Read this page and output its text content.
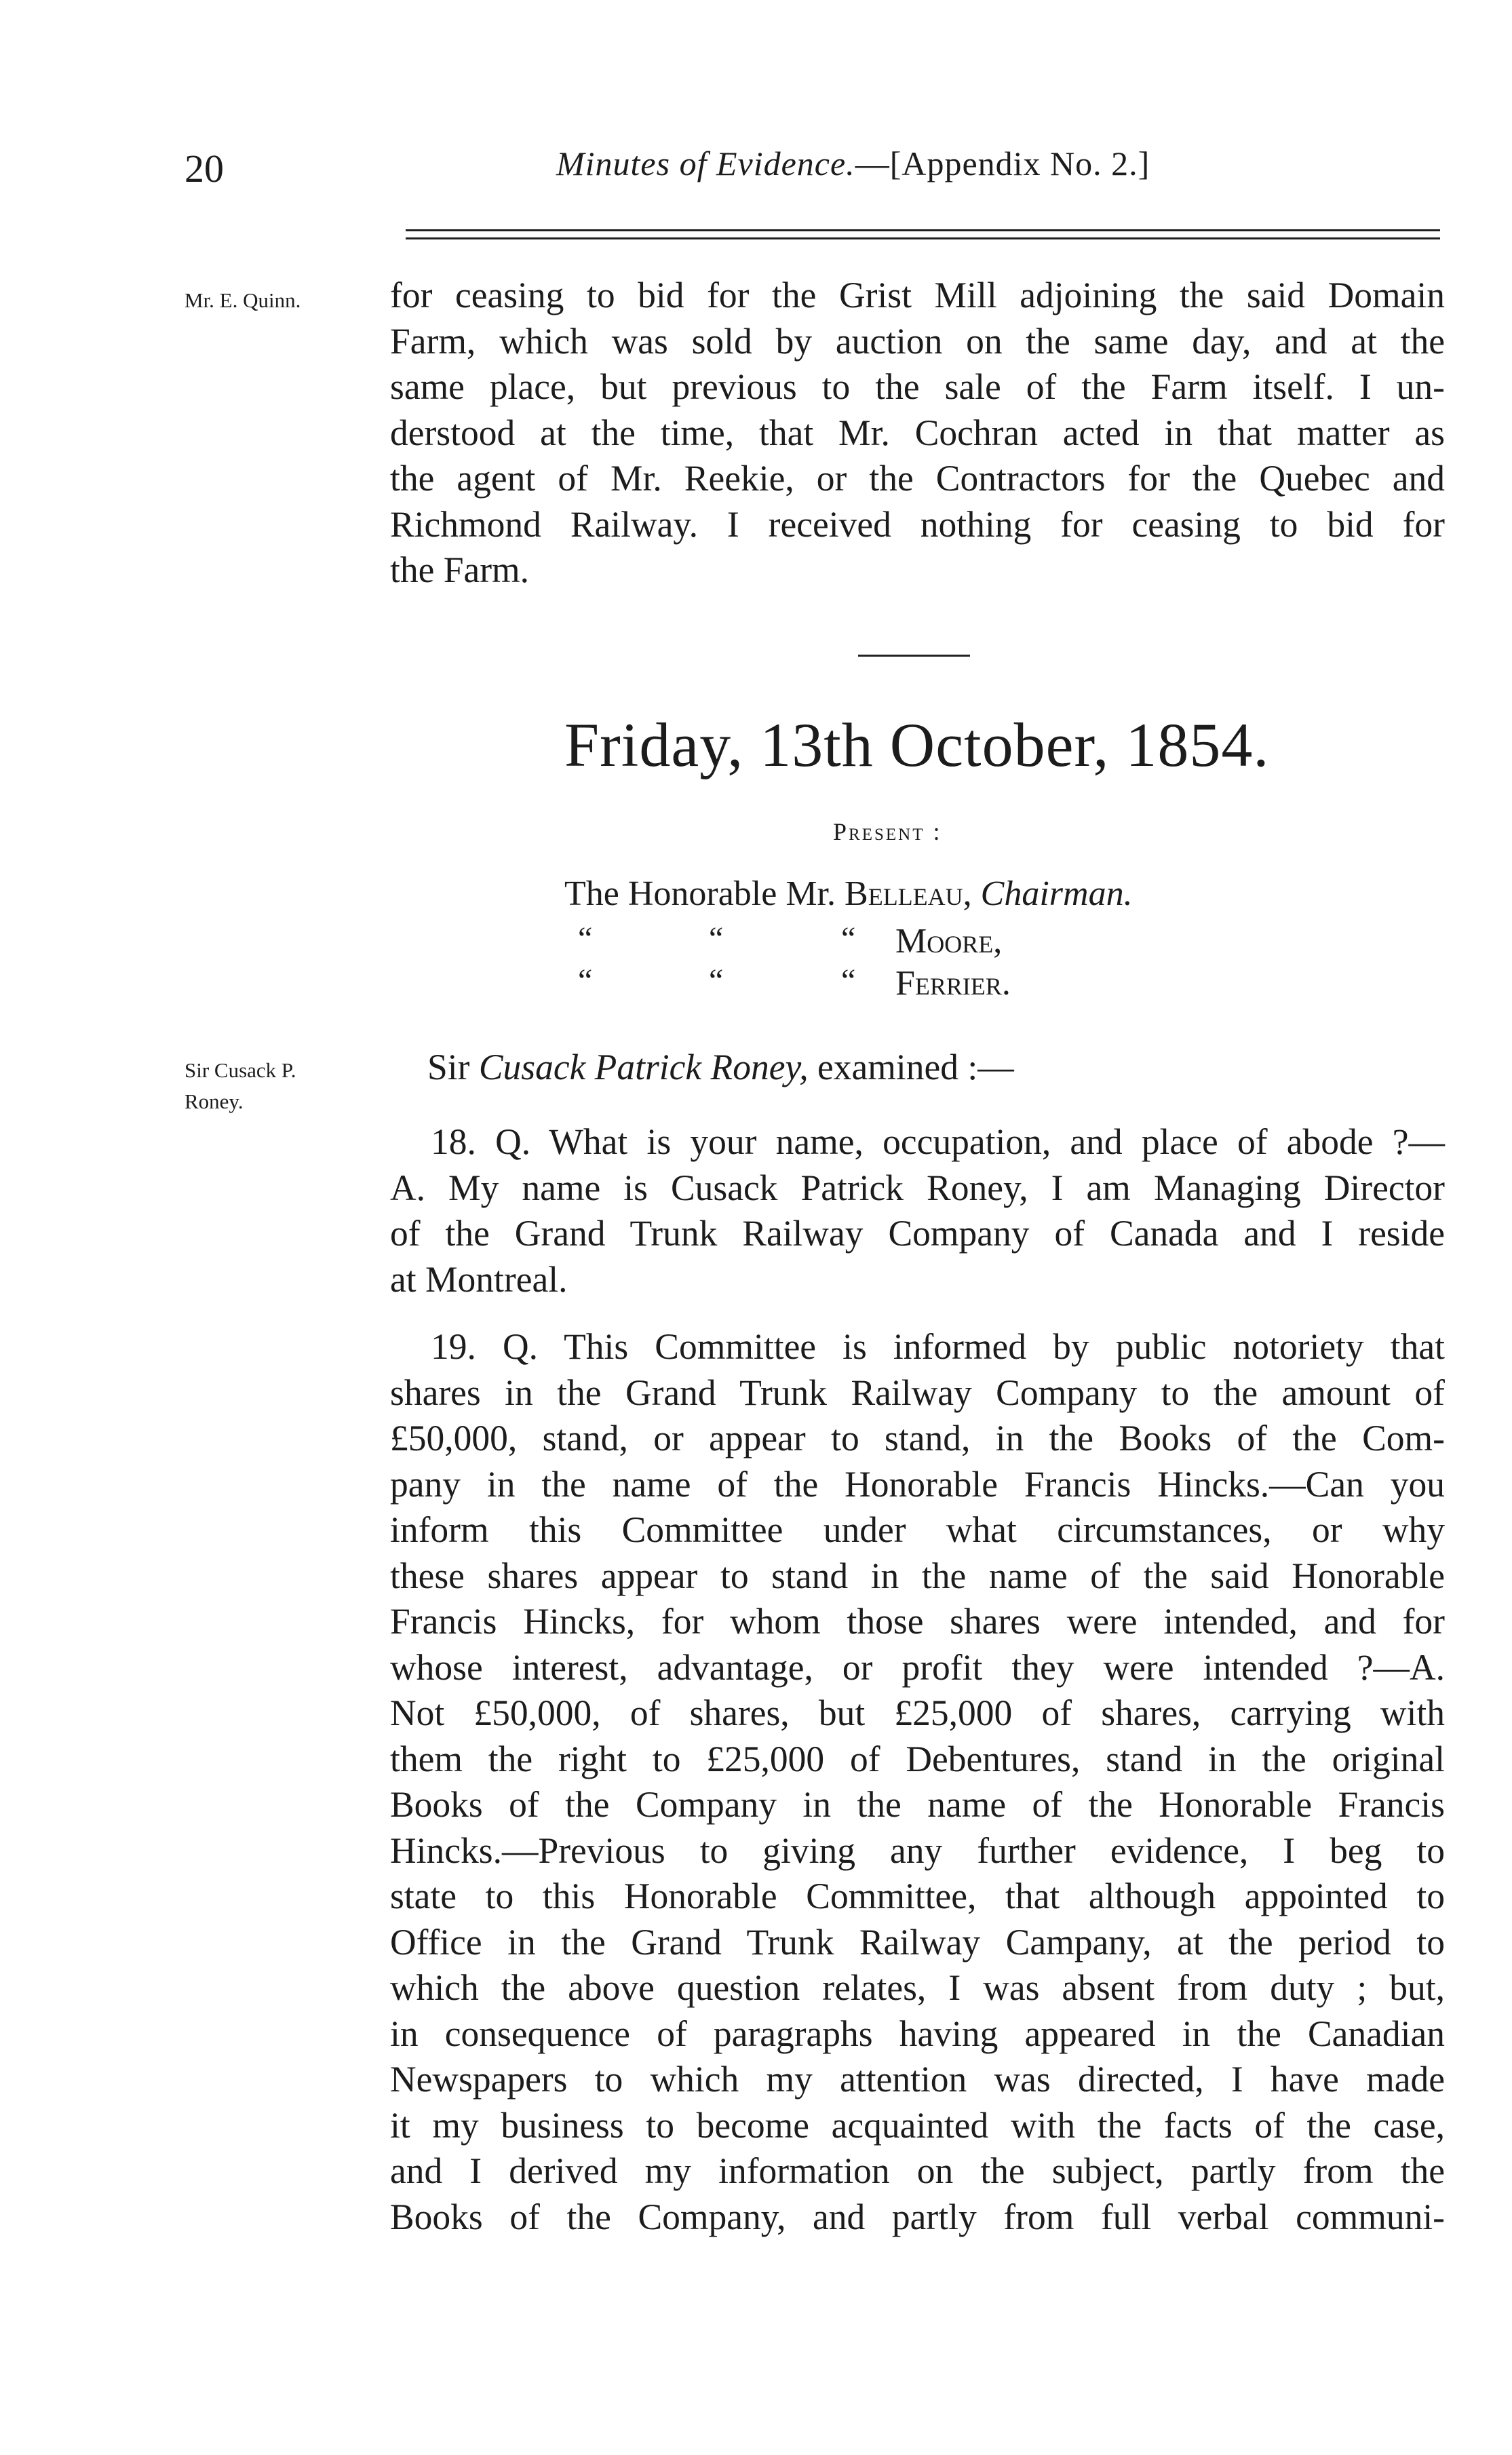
20	Minutes of Evidence.—[Appendix No. 2.]
Mr. E. Quinn. for ceasing to bid for the Grist Mill adjoining the said Domain
Farm, which was sold by auction on the same day, and at the
same place, but previous to the sale of the Farm itself. I un-
derstood at the time, that Mr. Cochran acted in that matter as
the agent of Mr. Reekie, or the Contractors for the Quebec and
Richmond Railway. I received nothing for ceasing to bid for
the Farm.
Friday, 13th October, 1854.
Present :
The Honorable Mr. Belleau, Chairman.
“	“	“ Moore,
“	“	“ Ferrier.
Sir Cusack P.
Roney.
Sir Cusack Patrick Roney, examined :—
18. Q. What is your name, occupation, and place of abode ?—
A. My name is Cusack Patrick Roney, I am Managing Director
of the Grand Trunk Railway Company of Canada and I reside
at Montreal.
19. Q. This Committee is informed by public notoriety that
shares in the Grand Trunk Railway Company to the amount of
£50,000, stand, or appear to stand, in the Books of the Com-
pany in the name of the Honorable Francis Hincks.—Can you
inform this Committee under what circumstances, or why
these shares appear to stand in the name of the said Honorable
Francis Hincks, for whom those shares were intended, and for
whose interest, advantage, or profit they were intended ?—A.
Not £50,000, of shares, but £25,000 of shares, carrying with
them the right to £25,000 of Debentures, stand in the original
Books of the Company in the name of the Honorable Francis
Hincks.—Previous to giving any further evidence, I beg to
state to this Honorable Committee, that although appointed to
Office in the Grand Trunk Railway Campany, at the period to
which the above question relates, I was absent from duty ; but,
in consequence of paragraphs having appeared in the Canadian
Newspapers to which my attention was directed, I have made
it my business to become acquainted with the facts of the case,
and I derived my information on the subject, partly from the
Books of the Company, and partly from full verbal communi-
